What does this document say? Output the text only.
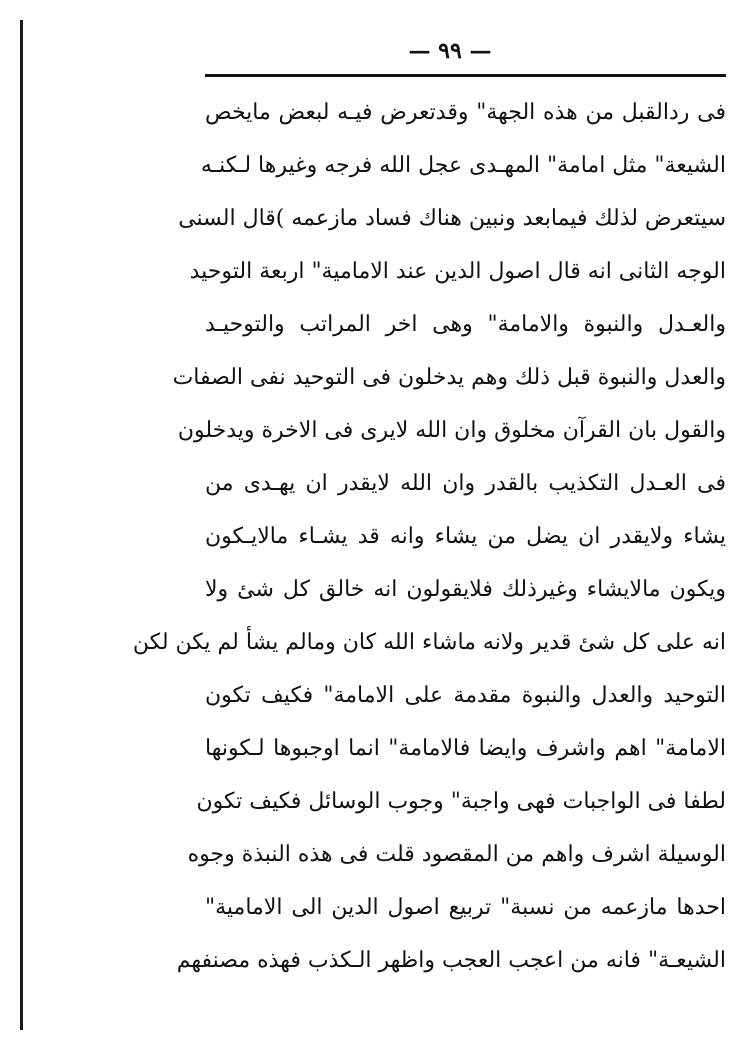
— ٩٩ —
فى ردالقبل من هذه الجهة" وقدتعرض فيـه لبعض مايخص
الشيعة" مثل امامة" المهـدى عجل الله فرجه وغيرها لـكنـه
سيتعرض لذلك فيمابعد ونبين هناك فساد مازعمه )قال السنى
الوجه الثانى انه قال اصول الدين عند الامامية" اربعة التوحيد
والعـدل والنبوة والامامة" وهى اخر المراتب والتوحيـد
والعدل والنبوة قبل ذلك وهم يدخلون فى التوحيد نفى الصفات
والقول بان القرآن مخلوق وان الله لايرى فى الاخرة ويدخلون
فى العـدل التكذيب بالقدر وان الله لايقدر ان يهـدى من
يشاء ولايقدر ان يضل من يشاء وانه قد يشـاء مالايـكون
ويكون مالايشاء وغيرذلك فلايقولون انه خالق كل شئ ولا
انه على كل شئ قدير ولانه ماشاء الله كان ومالم يشأ لم يكن لكن
التوحيد والعدل والنبوة مقدمة على الامامة" فكيف تكون
الامامة" اهم واشرف وايضا فالامامة" انما اوجبوها لـكونها
لطفا فى الواجبات فهى واجبة" وجوب الوسائل فكيف تكون
الوسيلة اشرف واهم من المقصود قلت فى هذه النبذة وجوه
احدها مازعمه من نسبة" تربيع اصول الدين الى الامامية"
الشيعـة" فانه من اعجب العجب واظهر الـكذب فهذه مصنفهم
